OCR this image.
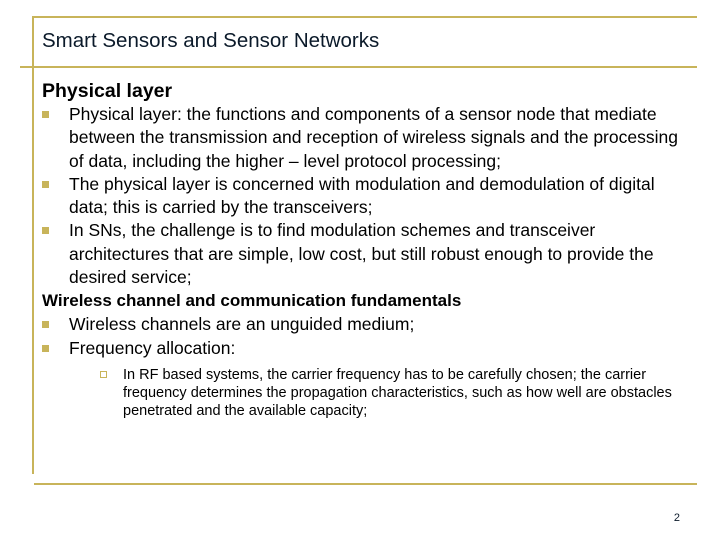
Smart Sensors and Sensor Networks
Physical layer
Physical layer: the functions and components of a sensor node that mediate between the transmission and reception of wireless signals and the processing of data, including the higher – level protocol processing;
The physical layer is concerned with modulation and demodulation of digital data; this is carried by the transceivers;
In SNs, the challenge is to find modulation schemes and transceiver architectures that are simple, low cost, but still robust enough to provide the desired service;
Wireless channel and communication fundamentals
Wireless channels are an unguided medium;
Frequency allocation:
In RF based systems, the carrier frequency has to be carefully chosen; the carrier frequency determines the propagation characteristics, such as how well are obstacles penetrated and the available capacity;
2
